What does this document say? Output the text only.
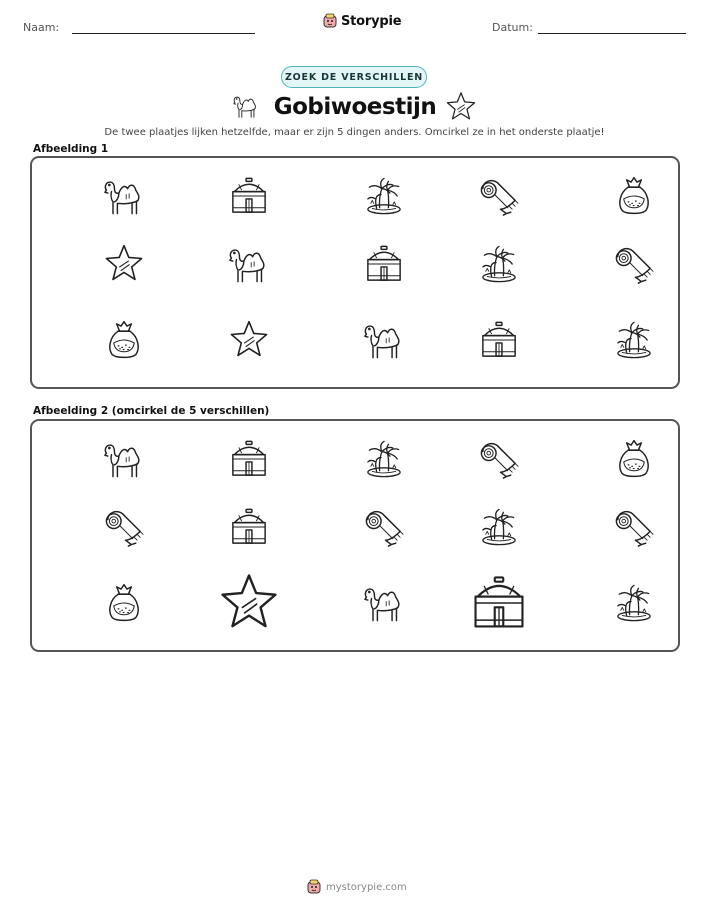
Naam:	Datum:
Storypie
ZOEK DE VERSCHILLEN
Gobiwoestijn
De twee plaatjes lijken hetzelfde, maar er zijn 5 dingen anders. Omcirkel ze in het onderste plaatje!
Afbeelding 1
Afbeelding 2 (omcirkel de 5 verschillen)
mystorypie.com
